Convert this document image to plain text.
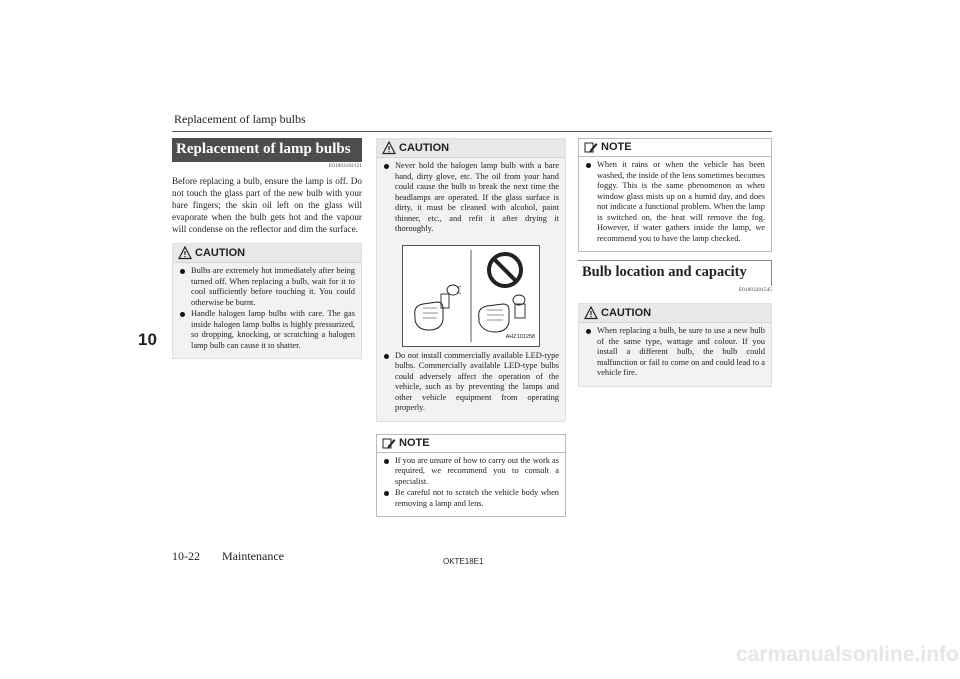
Replacement of lamp bulbs
10
Replacement of lamp bulbs
E01003102121
Before replacing a bulb, ensure the lamp is off. Do not touch the glass part of the new bulb with your bare fingers; the skin oil left on the glass will evaporate when the bulb gets hot and the vapour will condense on the reflector and dim the surface.
CAUTION
Bulbs are extremely hot immediately after being turned off. When replacing a bulb, wait for it to cool sufficiently before touching it. You could otherwise be burnt.
Handle halogen lamp bulbs with care. The gas inside halogen lamp bulbs is highly pressurized, so dropping, knocking, or scratching a halogen lamp bulb can cause it to shatter.
CAUTION
Never hold the halogen lamp bulb with a bare hand, dirty glove, etc. The oil from your hand could cause the bulb to break the next time the headlamps are operated. If the glass surface is dirty, it must be cleaned with alcohol, paint thinner, etc., and refit it after drying it thoroughly.
AHZ101258
Do not install commercially available LED-type bulbs. Commercially available LED-type bulbs could adversely affect the operation of the vehicle, such as by preventing the lamps and other vehicle equipment from operating properly.
NOTE
If you are unsure of how to carry out the work as required, we recommend you to consult a specialist.
Be careful not to scratch the vehicle body when removing a lamp and lens.
NOTE
When it rains or when the vehicle has been washed, the inside of the lens sometimes becomes foggy. This is the same phenomenon as when window glass mists up on a humid day, and does not indicate a functional problem. When the lamp is switched on, the heat will remove the fog. However, if water gathers inside the lamp, we recommend you to have the lamp checked.
Bulb location and capacity
E01003201545
CAUTION
When replacing a bulb, be sure to use a new bulb of the same type, wattage and colour. If you install a different bulb, the bulb could malfunction or fail to come on and could lead to a vehicle fire.
10-22 Maintenance	OKTE18E1
carmanualsonline.info
